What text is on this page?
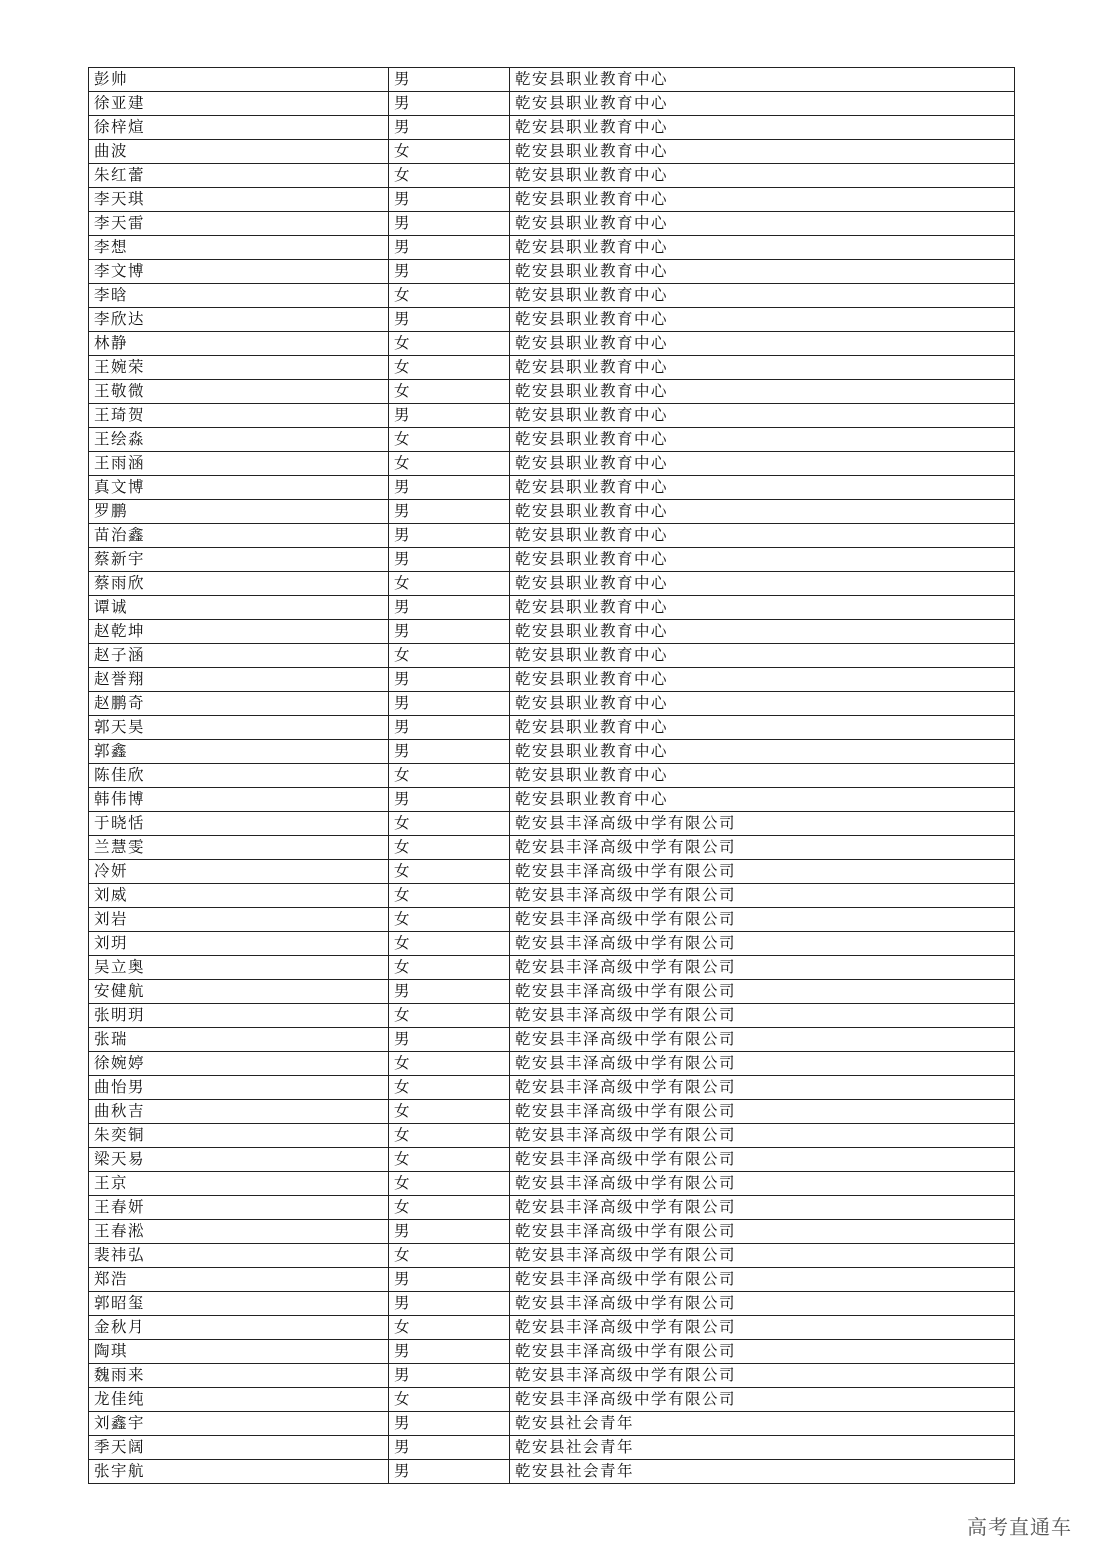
彭帅	男	乾安县职业教育中心
徐亚建	男	乾安县职业教育中心
徐梓煊	男	乾安县职业教育中心
曲波	女	乾安县职业教育中心
朱红蕾	女	乾安县职业教育中心
李天琪	男	乾安县职业教育中心
李天雷	男	乾安县职业教育中心
李想	男	乾安县职业教育中心
李文博	男	乾安县职业教育中心
李晗	女	乾安县职业教育中心
李欣达	男	乾安县职业教育中心
林静	女	乾安县职业教育中心
王婉荣	女	乾安县职业教育中心
王敬微	女	乾安县职业教育中心
王琦贺	男	乾安县职业教育中心
王绘淼	女	乾安县职业教育中心
王雨涵	女	乾安县职业教育中心
真文博	男	乾安县职业教育中心
罗鹏	男	乾安县职业教育中心
苗治鑫	男	乾安县职业教育中心
蔡新宇	男	乾安县职业教育中心
蔡雨欣	女	乾安县职业教育中心
谭诚	男	乾安县职业教育中心
赵乾坤	男	乾安县职业教育中心
赵子涵	女	乾安县职业教育中心
赵誉翔	男	乾安县职业教育中心
赵鹏奇	男	乾安县职业教育中心
郭天昊	男	乾安县职业教育中心
郭鑫	男	乾安县职业教育中心
陈佳欣	女	乾安县职业教育中心
韩伟博	男	乾安县职业教育中心
于晓恬	女	乾安县丰泽高级中学有限公司
兰慧雯	女	乾安县丰泽高级中学有限公司
冷妍	女	乾安县丰泽高级中学有限公司
刘威	女	乾安县丰泽高级中学有限公司
刘岩	女	乾安县丰泽高级中学有限公司
刘玥	女	乾安县丰泽高级中学有限公司
吴立奥	女	乾安县丰泽高级中学有限公司
安健航	男	乾安县丰泽高级中学有限公司
张明玥	女	乾安县丰泽高级中学有限公司
张瑞	男	乾安县丰泽高级中学有限公司
徐婉婷	女	乾安县丰泽高级中学有限公司
曲怡男	女	乾安县丰泽高级中学有限公司
曲秋吉	女	乾安县丰泽高级中学有限公司
朱奕铜	女	乾安县丰泽高级中学有限公司
梁天易	女	乾安县丰泽高级中学有限公司
王京	女	乾安县丰泽高级中学有限公司
王春妍	女	乾安县丰泽高级中学有限公司
王春淞	男	乾安县丰泽高级中学有限公司
裴祎弘	女	乾安县丰泽高级中学有限公司
郑浩	男	乾安县丰泽高级中学有限公司
郭昭玺	男	乾安县丰泽高级中学有限公司
金秋月	女	乾安县丰泽高级中学有限公司
陶琪	男	乾安县丰泽高级中学有限公司
魏雨来	男	乾安县丰泽高级中学有限公司
龙佳纯	女	乾安县丰泽高级中学有限公司
刘鑫宇	男	乾安县社会青年
季天阔	男	乾安县社会青年
张宇航	男	乾安县社会青年
高考直通车
